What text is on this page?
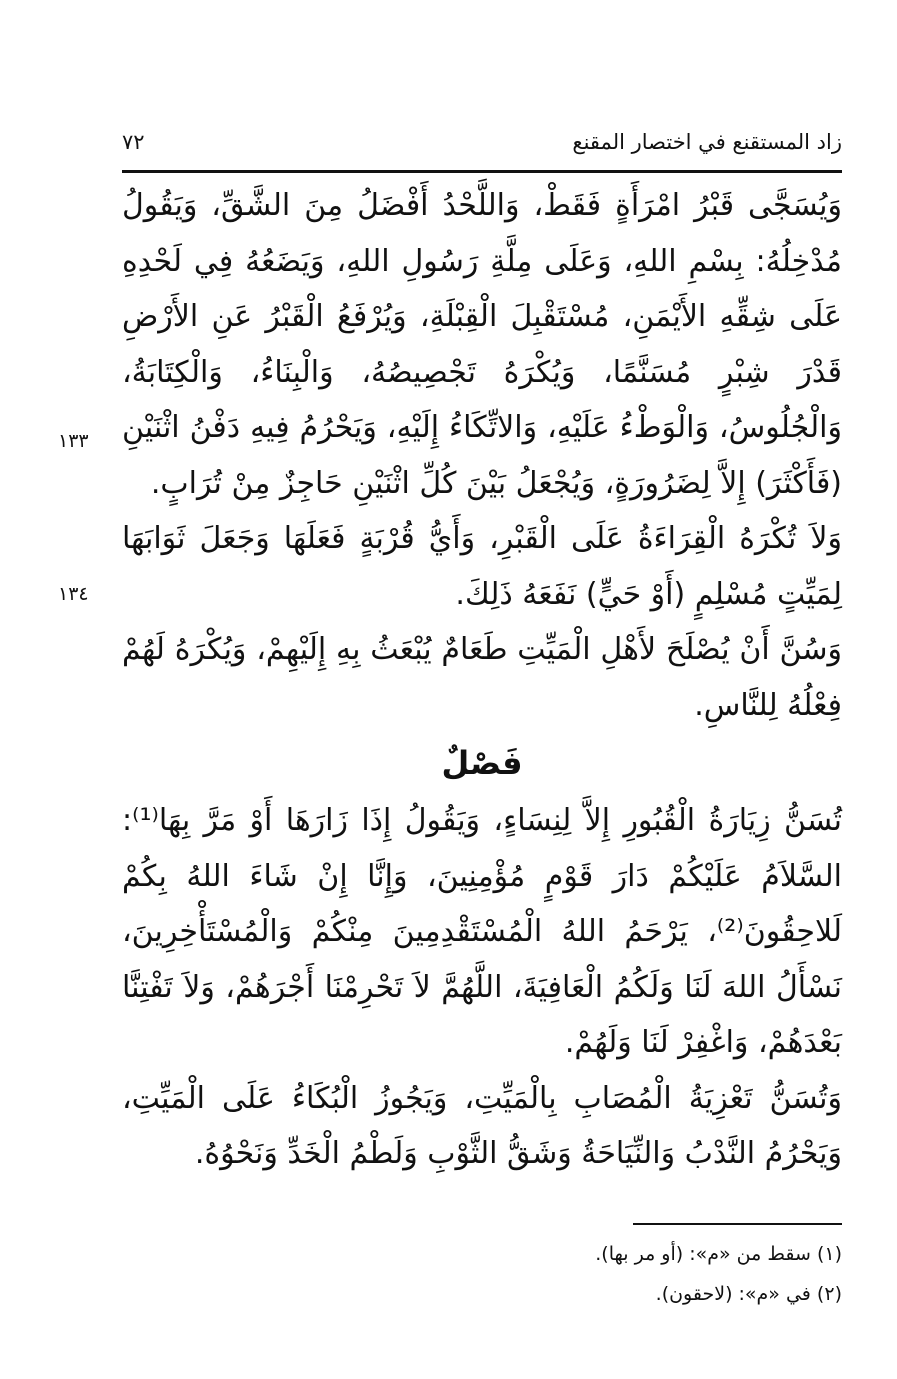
زاد المستقنع في اختصار المقنع
٧٢
١٣٣
١٣٤

وَيُسَجَّى قَبْرُ امْرَأَةٍ فَقَطْ، وَاللَّحْدُ أَفْضَلُ مِنَ الشَّقِّ، وَيَقُولُ مُدْخِلُهُ: بِسْمِ اللهِ، وَعَلَى مِلَّةِ رَسُولِ اللهِ، وَيَضَعُهُ فِي لَحْدِهِ عَلَى شِقِّهِ الأَيْمَنِ، مُسْتَقْبِلَ الْقِبْلَةِ، وَيُرْفَعُ الْقَبْرُ عَنِ الأَرْضِ قَدْرَ شِبْرٍ مُسَنَّمًا، وَيُكْرَهُ تَجْصِيصُهُ، وَالْبِنَاءُ، وَالْكِتَابَةُ، وَالْجُلُوسُ، وَالْوَطْءُ عَلَيْهِ، وَالاتِّكَاءُ إِلَيْهِ، وَيَحْرُمُ فِيهِ دَفْنُ اثْنَيْنِ (فَأَكْثَرَ) إِلاَّ لِضَرُورَةٍ، وَيُجْعَلُ بَيْنَ كُلِّ اثْنَيْنِ حَاجِزٌ مِنْ تُرَابٍ.

وَلاَ تُكْرَهُ الْقِرَاءَةُ عَلَى الْقَبْرِ، وَأَيُّ قُرْبَةٍ فَعَلَهَا وَجَعَلَ ثَوَابَهَا لِمَيِّتٍ مُسْلِمٍ (أَوْ حَيٍّ) نَفَعَهُ ذَلِكَ.

وَسُنَّ أَنْ يُصْلَحَ لأَهْلِ الْمَيِّتِ طَعَامٌ يُبْعَثُ بِهِ إِلَيْهِمْ، وَيُكْرَهُ لَهُمْ فِعْلُهُ لِلنَّاسِ.

فَصْلٌ

تُسَنُّ زِيَارَةُ الْقُبُورِ إِلاَّ لِنِسَاءٍ، وَيَقُولُ إِذَا زَارَهَا أَوْ مَرَّ بِهَا⁽¹⁾: السَّلاَمُ عَلَيْكُمْ دَارَ قَوْمٍ مُؤْمِنِينَ، وَإِنَّا إِنْ شَاءَ اللهُ بِكُمْ لَلاحِقُونَ⁽²⁾، يَرْحَمُ اللهُ الْمُسْتَقْدِمِينَ مِنْكُمْ وَالْمُسْتَأْخِرِينَ، نَسْأَلُ اللهَ لَنَا وَلَكُمُ الْعَافِيَةَ، اللَّهُمَّ لاَ تَحْرِمْنَا أَجْرَهُمْ، وَلاَ تَفْتِنَّا بَعْدَهُمْ، وَاغْفِرْ لَنَا وَلَهُمْ.

وَتُسَنُّ تَعْزِيَةُ الْمُصَابِ بِالْمَيِّتِ، وَيَجُوزُ الْبُكَاءُ عَلَى الْمَيِّتِ، وَيَحْرُمُ النَّدْبُ وَالنِّيَاحَةُ وَشَقُّ الثَّوْبِ وَلَطْمُ الْخَدِّ وَنَحْوُهُ.

(١) سقط من «م»: (أو مر بها).

(٢) في «م»: (لاحقون).
